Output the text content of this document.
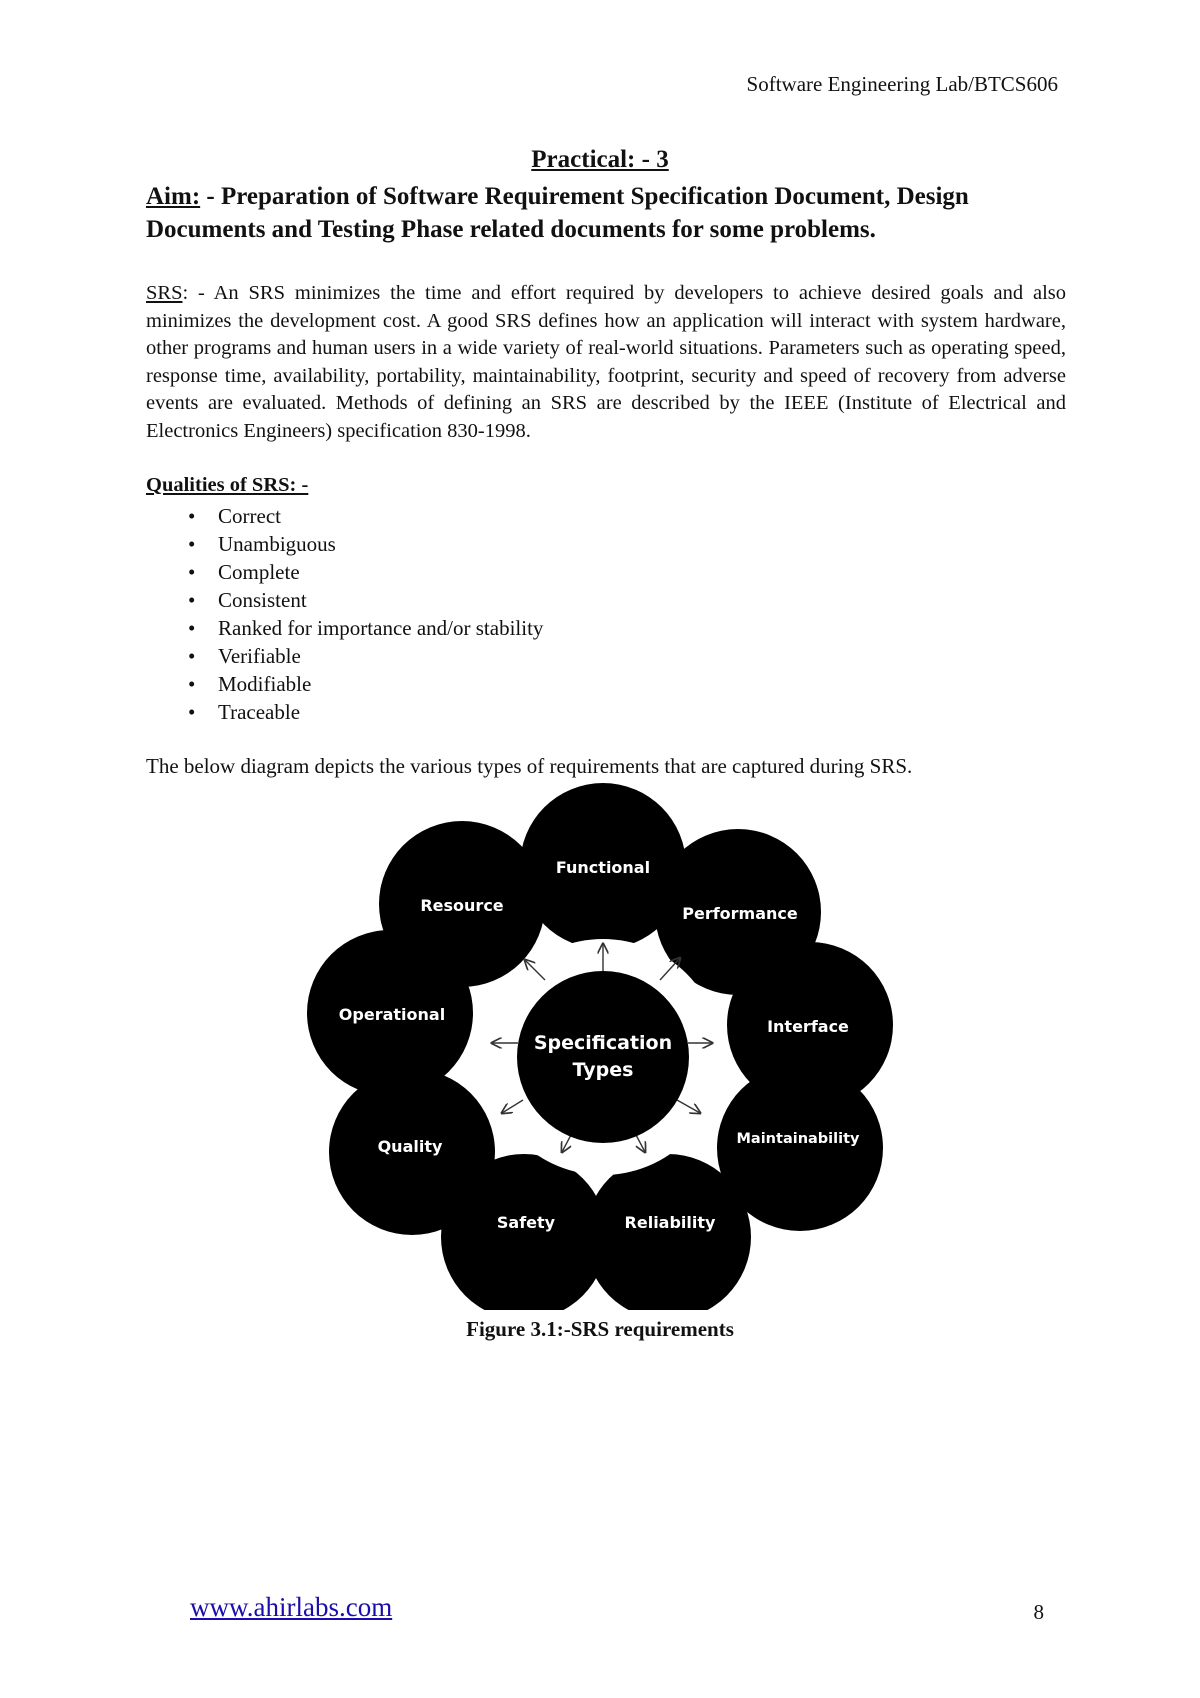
Software Engineering Lab/BTCS606
Practical: - 3
Aim: - Preparation of Software Requirement Specification Document, Design Documents and Testing Phase related documents for some problems.
SRS: - An SRS minimizes the time and effort required by developers to achieve desired goals and also minimizes the development cost. A good SRS defines how an application will interact with system hardware, other programs and human users in a wide variety of real-world situations. Parameters such as operating speed, response time, availability, portability, maintainability, footprint, security and speed of recovery from adverse events are evaluated. Methods of defining an SRS are described by the IEEE (Institute of Electrical and Electronics Engineers) specification 830-1998.
Qualities of SRS: -
• Correct
• Unambiguous
• Complete
• Consistent
• Ranked for importance and/or stability
• Verifiable
• Modifiable
• Traceable
The below diagram depicts the various types of requirements that are captured during SRS.
Specification
Types
Functional
Performance
Interface
Maintainability
Reliability
Safety
Quality
Operational
Resource
Figure 3.1:-SRS requirements
www.ahirlabs.com	8
